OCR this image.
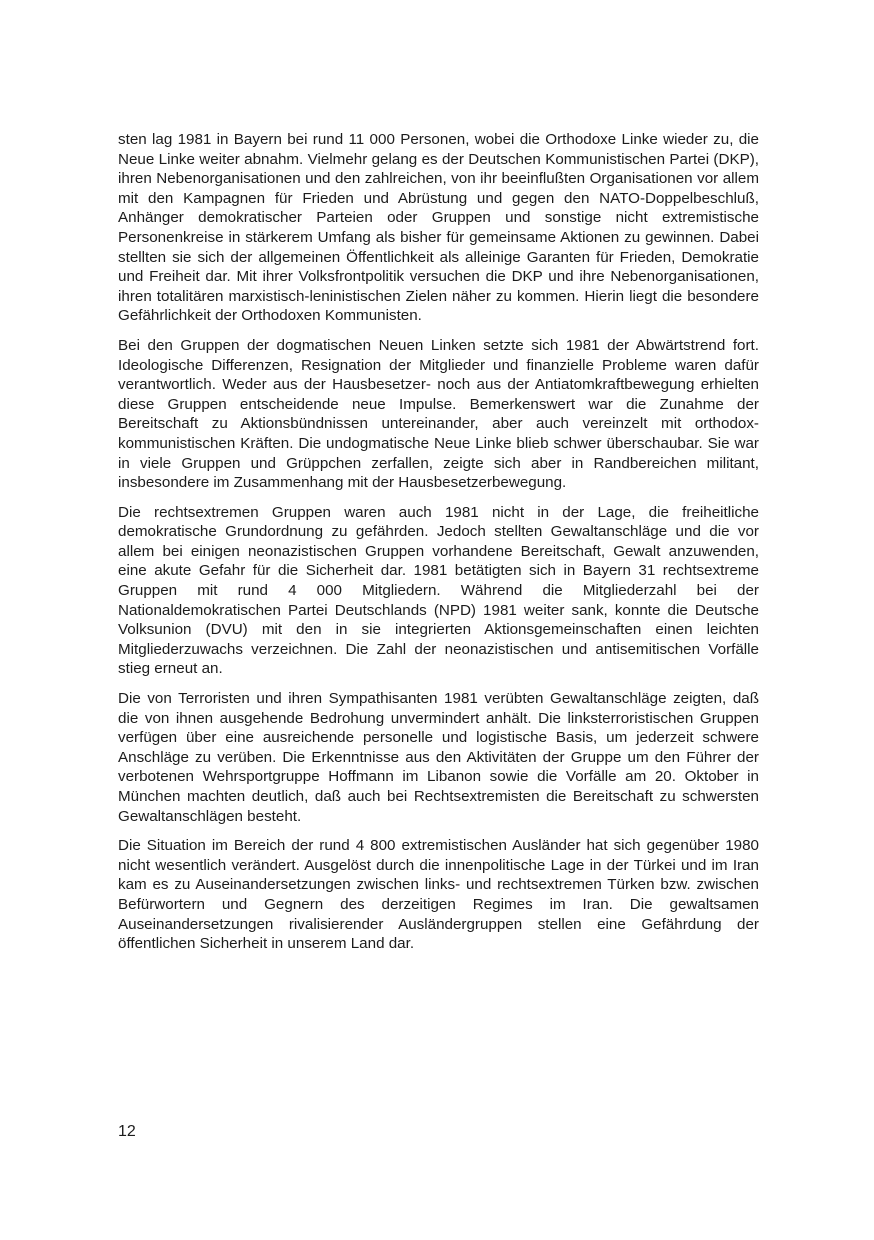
sten lag 1981 in Bayern bei rund 11 000 Personen, wobei die Orthodoxe Linke wieder zu, die Neue Linke weiter abnahm. Vielmehr gelang es der Deutschen Kommunistischen Partei (DKP), ihren Nebenorganisationen und den zahlreichen, von ihr beeinflußten Organisationen vor allem mit den Kampagnen für Frieden und Abrüstung und gegen den NATO-Doppelbeschluß, Anhänger demokratischer Parteien oder Gruppen und sonstige nicht extremistische Personenkreise in stärkerem Umfang als bisher für gemeinsame Aktionen zu gewinnen. Dabei stellten sie sich der allgemeinen Öffentlichkeit als alleinige Garanten für Frieden, Demokratie und Freiheit dar. Mit ihrer Volksfrontpolitik versuchen die DKP und ihre Nebenorganisationen, ihren totalitären marxistisch-leninistischen Zielen näher zu kommen. Hierin liegt die besondere Gefährlichkeit der Orthodoxen Kommunisten.

Bei den Gruppen der dogmatischen Neuen Linken setzte sich 1981 der Abwärtstrend fort. Ideologische Differenzen, Resignation der Mitglieder und finanzielle Probleme waren dafür verantwortlich. Weder aus der Hausbesetzer- noch aus der Antiatomkraftbewegung erhielten diese Gruppen entscheidende neue Impulse. Bemerkenswert war die Zunahme der Bereitschaft zu Aktionsbündnissen untereinander, aber auch vereinzelt mit orthodox-kommunistischen Kräften. Die undogmatische Neue Linke blieb schwer überschaubar. Sie war in viele Gruppen und Grüppchen zerfallen, zeigte sich aber in Randbereichen militant, insbesondere im Zusammenhang mit der Hausbesetzerbewegung.

Die rechtsextremen Gruppen waren auch 1981 nicht in der Lage, die freiheitliche demokratische Grundordnung zu gefährden. Jedoch stellten Gewaltanschläge und die vor allem bei einigen neonazistischen Gruppen vorhandene Bereitschaft, Gewalt anzuwenden, eine akute Gefahr für die Sicherheit dar. 1981 betätigten sich in Bayern 31 rechtsextreme Gruppen mit rund 4 000 Mitgliedern. Während die Mitgliederzahl bei der Nationaldemokratischen Partei Deutschlands (NPD) 1981 weiter sank, konnte die Deutsche Volksunion (DVU) mit den in sie integrierten Aktionsgemeinschaften einen leichten Mitgliederzuwachs verzeichnen. Die Zahl der neonazistischen und antisemitischen Vorfälle stieg erneut an.

Die von Terroristen und ihren Sympathisanten 1981 verübten Gewaltanschläge zeigten, daß die von ihnen ausgehende Bedrohung unvermindert anhält. Die linksterroristischen Gruppen verfügen über eine ausreichende personelle und logistische Basis, um jederzeit schwere Anschläge zu verüben. Die Erkenntnisse aus den Aktivitäten der Gruppe um den Führer der verbotenen Wehrsportgruppe Hoffmann im Libanon sowie die Vorfälle am 20. Oktober in München machten deutlich, daß auch bei Rechtsextremisten die Bereitschaft zu schwersten Gewaltanschlägen besteht.

Die Situation im Bereich der rund 4 800 extremistischen Ausländer hat sich gegenüber 1980 nicht wesentlich verändert. Ausgelöst durch die innenpolitische Lage in der Türkei und im Iran kam es zu Auseinandersetzungen zwischen links- und rechtsextremen Türken bzw. zwischen Befürwortern und Gegnern des derzeitigen Regimes im Iran. Die gewaltsamen Auseinandersetzungen rivalisierender Ausländergruppen stellen eine Gefährdung der öffentlichen Sicherheit in unserem Land dar.

12
